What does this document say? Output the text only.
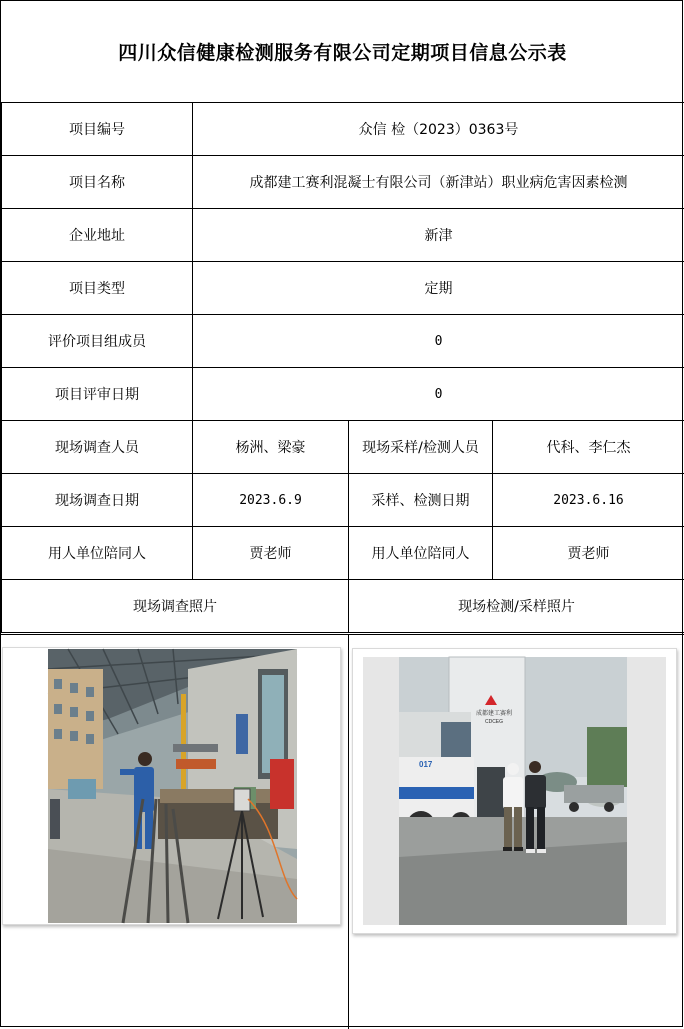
四川众信健康检测服务有限公司定期项目信息公示表
项目编号	众信 检（2023）0363号		
项目名称	成都建工赛利混凝士有限公司（新津站）职业病危害因素检测		
企业地址	新津		
项目类型	定期		
评价项目组成员	0		
项目评审日期	0		
现场调查人员	杨洲、梁豪	现场采样/检测人员	代科、李仁杰
现场调查日期	2023.6.9	采样、检测日期	2023.6.16
用人单位陪同人	贾老师	用人单位陪同人	贾老师
现场调查照片		现场检测/采样照片	
成都建工赛利
CDCEG
017
